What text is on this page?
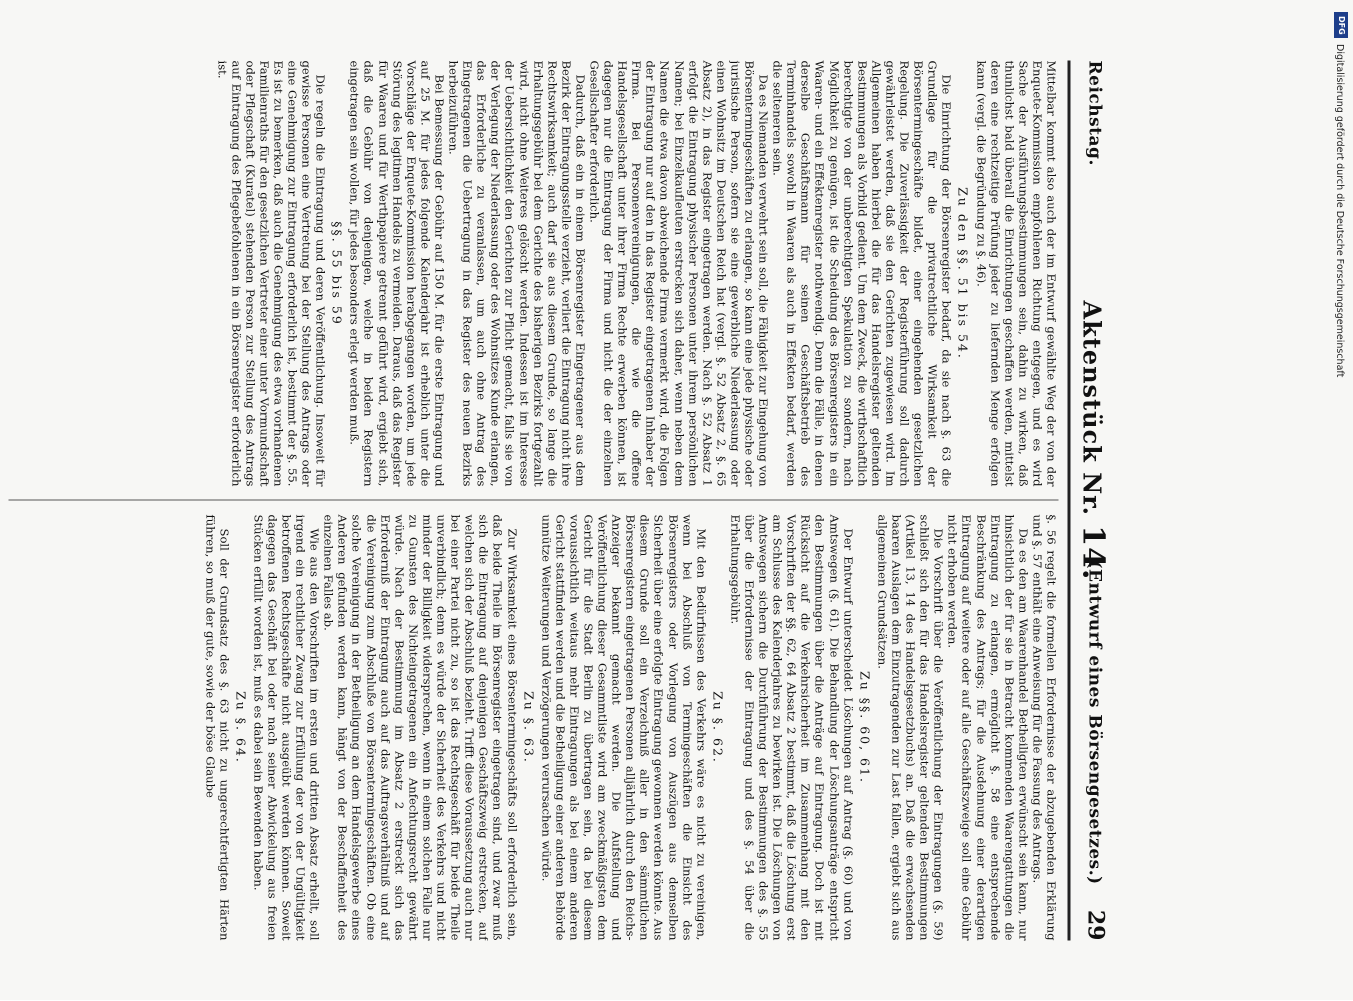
Reichstag.
Aktenstück Nr. 14.
(Entwurf eines Börsengesetzes.)
29

Mittelbar kommt also auch der im Entwurf gewählte Weg der von der Enquete-Kommission empfohlenen Richtung entgegen, und es wird Sache der Ausführungsbestimmungen sein, dahin zu wirken, daß thunlichst bald überall die Einrichtungen geschaffen werden, mittelst deren eine rechtzeitige Prüfung jeder zu liefernden Menge erfolgen kann (vergl. die Begründung zu §. 46).

Zu den §§. 51 bis 54.

Die Einrichtung der Börsenregister bedarf, da sie nach §. 63 die Grundlage für die privatrechtliche Wirksamkeit der Börsentermingeschäfte bildet, einer eingehenden gesetzlichen Regelung. Die Zuverlässigkeit der Registerführung soll dadurch gewährleistet werden, daß sie den Gerichten zugewiesen wird. Im Allgemeinen haben hierbei die für das Handelsregister geltenden Bestimmungen als Vorbild gedient. Um dem Zweck, die wirthschaftlich berechtigte von der unberechtigten Spekulation zu sondern, nach Möglichkeit zu genügen, ist die Scheidung des Börsenregisters in ein Waaren- und ein Effektenregister nothwendig. Denn die Fälle, in denen derselbe Geschäftsmann für seinen Geschäftsbetrieb des Terminhandels sowohl in Waaren als auch in Effekten bedarf, werden die selteneren sein.

Da es Niemanden verwehrt sein soll, die Fähigkeit zur Eingehung von Börsentermingeschäften zu erlangen, so kann eine jede physische oder juristische Person, sofern sie eine gewerbliche Niederlassung oder einen Wohnsitz im Deutschen Reich hat (vergl. §. 52 Absatz 2, §. 65 Absatz 2), in das Register eingetragen werden. Nach §. 52 Absatz 1 erfolgt die Eintragung physischer Personen unter ihrem persönlichen Namen; bei Einzelkaufleuten erstrecken sich daher, wenn neben dem Namen die etwa davon abweichende Firma vermerkt wird, die Folgen der Eintragung nur auf den in das Register eingetragenen Inhaber der Firma. Bei Personenvereinigungen, die wie die offene Handelsgesellschaft unter ihrer Firma Rechte erwerben können, ist dagegen nur die Eintragung der Firma und nicht die der einzelnen Gesellschafter erforderlich.

Dadurch, daß ein in einem Börsenregister Eingetragener aus dem Bezirk der Eintragungsstelle verzieht, verliert die Eintragung nicht ihre Rechtswirksamkeit; auch darf sie aus diesem Grunde, so lange die Erhaltungsgebühr bei dem Gerichte des bisherigen Bezirks fortgezahlt wird, nicht ohne Weiteres gelöscht werden. Indessen ist im Interesse der Uebersichtlichkeit den Gerichten zur Pflicht gemacht, falls sie von der Verlegung der Niederlassung oder des Wohnsitzes Kunde erlangen, das Erforderliche zu veranlassen, um auch ohne Antrag des Eingetragenen die Uebertragung in das Register des neuen Bezirks herbeizuführen.

Bei Bemessung der Gebühr auf 150 M. für die erste Eintragung und auf 25 M. für jedes folgende Kalenderjahr ist erheblich unter die Vorschläge der Enquete-Kommission herabgegangen worden, um jede Störung des legitimen Handels zu vermeiden. Daraus, daß das Register für Waaren und für Werthpapiere getrennt geführt wird, ergiebt sich, daß die Gebühr von denjenigen, welche in beiden Registern eingetragen sein wollen, für jedes besonders erlegt werden muß.

§§. 55 bis 59

Die regeln die Eintragung und deren Veröffentlichung. Insoweit für gewisse Personen eine Vertretung bei der Stellung des Antrags oder eine Genehmigung zur Eintragung erforderlich ist, bestimmt der §. 55. Es ist zu bemerken, daß auch die Genehmigung des etwa vorhandenen Familienraths für den gesetzlichen Vertreter einer unter Vormundschaft oder Pflegschaft (Kuratel) stehenden Person zur Stellung des Antrags auf Eintragung des Pflegebefohlenen in ein Börsenregister erforderlich ist.

§. 56 regelt die formellen Erfordernisse der abzugebenden Erklärung und §. 57 enthält eine Anweisung für die Fassung des Antrags.

Da es den am Waarenhandel Betheiligten erwünscht sein kann, nur hinsichtlich der für sie in Betracht kommenden Waarengattungen die Eintragung zu erlangen, ermöglicht §. 58 eine entsprechende Beschränkung des Antrags; für die Ausdehnung einer derartigen Eintragung auf weitere oder auf alle Geschäftszweige soll eine Gebühr nicht erhoben werden.

Die Vorschrift über die Veröffentlichung der Eintragungen (§. 59) schließt sich den für das Handelsregister geltenden Bestimmungen (Artikel 13, 14 des Handelsgesetzbuchs) an. Daß die erwachsenden baaren Auslagen dem Einzutragenden zur Last fallen, ergiebt sich aus allgemeinen Grundsätzen.

Zu §§. 60, 61.

Der Entwurf unterscheidet Löschungen auf Antrag (§. 60) und von Amtswegen (§. 61). Die Behandlung der Löschungsanträge entspricht den Bestimmungen über die Anträge auf Eintragung. Doch ist mit Rücksicht auf die Verkehrsicherheit im Zusammenhang mit den Vorschriften der §§. 62, 64 Absatz 2 bestimmt, daß die Löschung erst am Schlusse des Kalenderjahres zu bewirken ist. Die Löschungen von Amtswegen sichern die Durchführung der Bestimmungen des §. 55 über die Erfordernisse der Eintragung und des §. 54 über die Erhaltungsgebühr.

Zu §. 62.

Mit den Bedürfnissen des Verkehrs wäre es nicht zu vereinigen, wenn bei Abschluß von Termingeschäften die Einsicht des Börsenregisters oder Vorlegung von Auszügen aus demselben Sicherheit über eine erfolgte Eintragung gewonnen werden könnte. Aus diesem Grunde soll ein Verzeichniß aller in den sämmtlichen Börsenregistern eingetragenen Personen alljährlich durch den Reichs-Anzeiger bekannt gemacht werden. Die Aufstellung und Veröffentlichung dieser Gesammtliste wird am zweckmäßigsten dem Gericht für die Stadt Berlin zu übertragen sein, da bei diesem voraussichtlich weitaus mehr Eintragungen als bei einem anderen Gericht stattfinden werden und die Betheiligung einer anderen Behörde unnütze Weiterungen und Verzögerungen verursachen würde.

Zu §. 63.

Zur Wirksamkeit eines Börsentermingeschäfts soll erforderlich sein, daß beide Theile im Börsenregister eingetragen sind, und zwar muß sich die Eintragung auf denjenigen Geschäftszweig erstrecken, auf welchen sich der Abschluß bezieht. Trifft diese Voraussetzung auch nur bei einer Partei nicht zu, so ist das Rechtsgeschäft für beide Theile unverbindlich; denn es würde der Sicherheit des Verkehrs und nicht minder der Billigkeit widersprechen, wenn in einem solchen Falle nur zu Gunsten des Nichteingetragenen ein Anfechtungsrecht gewährt würde. Nach der Bestimmung im Absatz 2 erstreckt sich das Erforderniß der Eintragung auch auf das Auftragsverhältniß und auf die Vereinigung zum Abschluße von Börsentermingeschäften. Ob eine solche Vereinigung in der Betheiligung an dem Handelsgewerbe eines Anderen gefunden werden kann, hängt von der Beschaffenheit des einzelnen Falles ab.

Wie aus den Vorschriften im ersten und dritten Absatz erhellt, soll irgend ein rechtlicher Zwang zur Erfüllung der von der Ungültigkeit betroffenen Rechtsgeschäfte nicht ausgeübt werden können. Soweit dagegen das Geschäft bei oder nach seiner Abwickelung aus freien Stücken erfüllt worden ist, muß es dabei sein Bewenden haben.

Zu §. 64.

Soll der Grundsatz des §. 63 nicht zu ungerechtfertigten Härten führen, so muß der gute, sowie der böse Glaube

DFG
Digitalisierung gefördert durch die Deutsche Forschungsgemeinschaft
